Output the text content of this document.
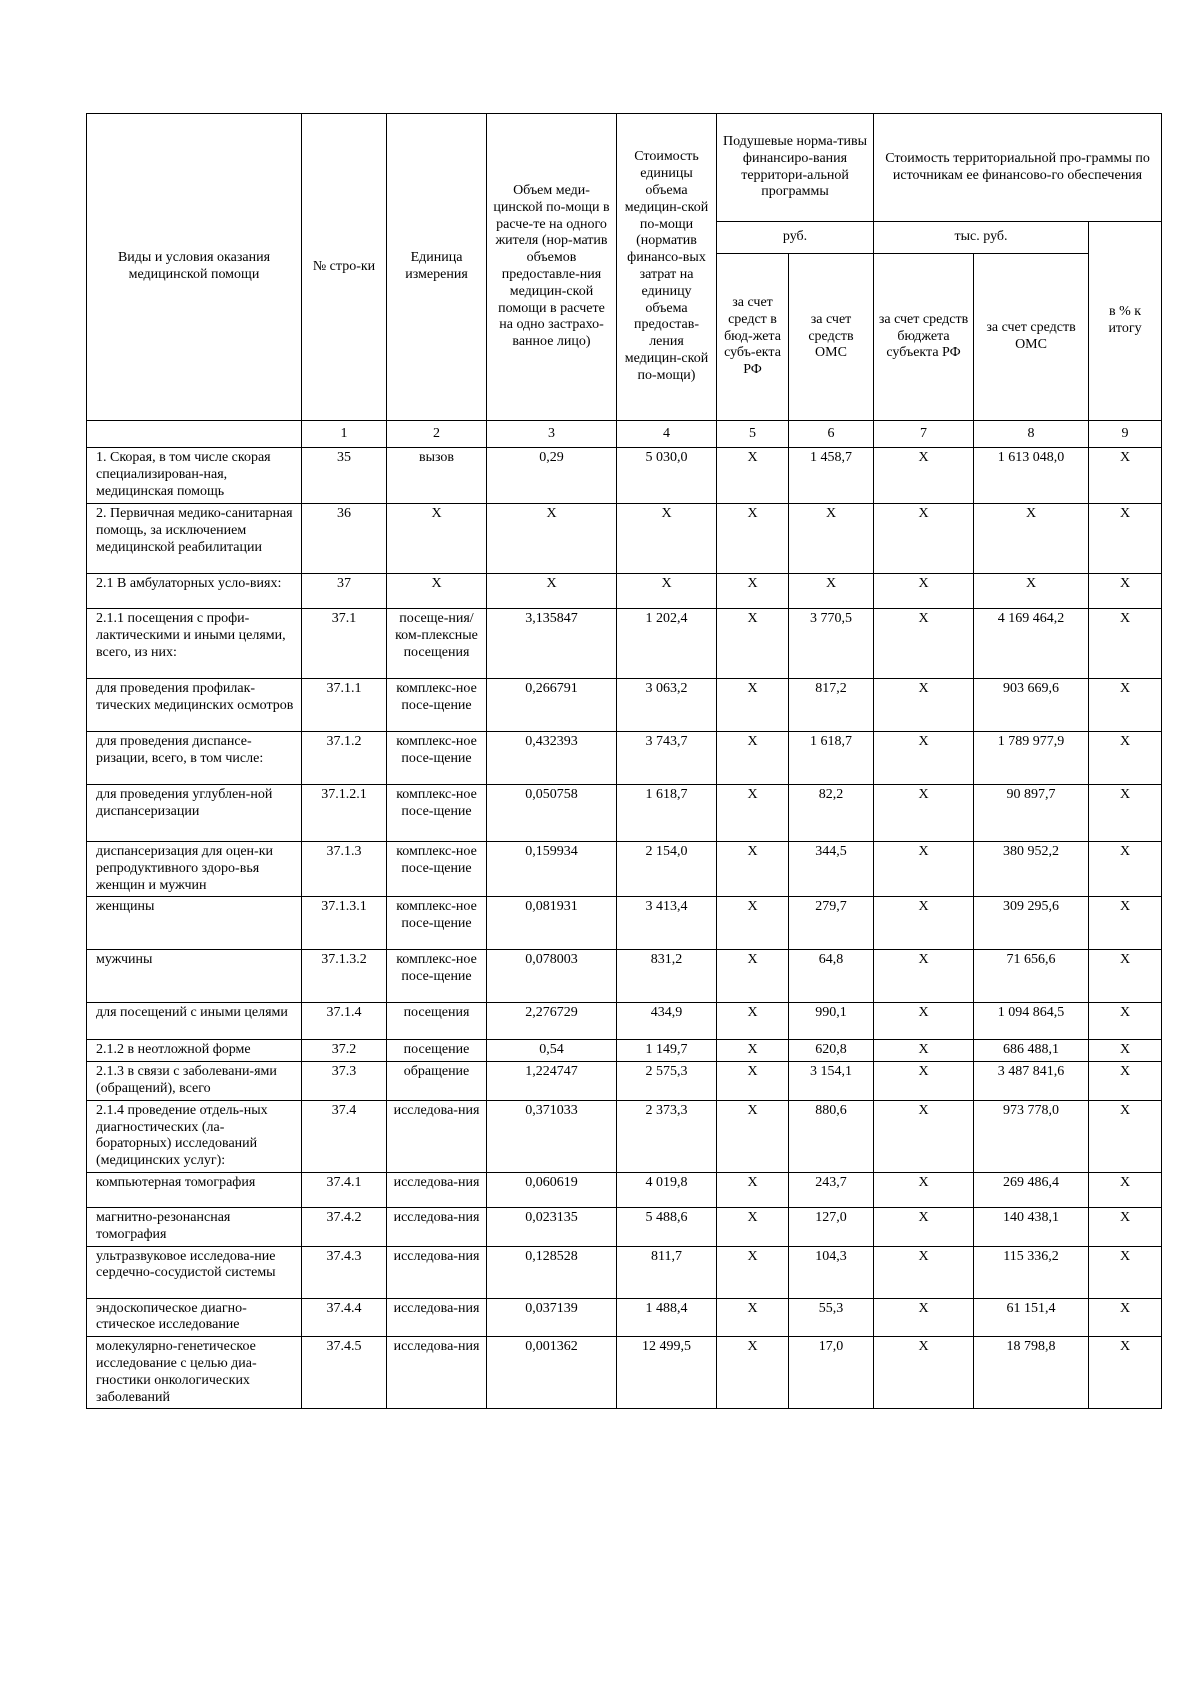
Виды и условия оказания медицинской помощи	№ стро-ки	Единица измерения	Объем меди-цинской по-мощи в расче-те на одного жителя (нор-матив объемов предоставле-ния медицин-ской помощи в расчете на одно застрахо-ванное лицо)	Стоимость единицы объема медицин-ской по-мощи (норматив финансо-вых затрат на единицу объема предостав-ления медицин-ской по-мощи)	Подушевые норма-тивы финансиро-вания территори-альной программы		Стоимость территориальной про-граммы по источникам ее финансово-го обеспечения		
					руб.		тыс. руб.		в % к итогу
					за счет средст в бюд-жета субъ-екта РФ	за счет средств ОМС	за счет средств бюджета субъекта РФ	за счет средств ОМС	
	1	2	3	4	5	6	7	8	9
1. Скорая, в том числе скорая специализирован-ная, медицинская помощь	35	вызов	0,29	5 030,0	X	1 458,7	X	1 613 048,0	X
2. Первичная медико-санитарная помощь, за исключением медицинской реабилитации	36	X	X	X	X	X	X	X	X
2.1 В амбулаторных усло-виях:	37	X	X	X	X	X	X	X	X
2.1.1 посещения с профи-лактическими и иными целями, всего, из них:	37.1	посеще-ния/ ком-плексные посещения	3,135847	1 202,4	X	3 770,5	X	4 169 464,2	X
для проведения профилак-тических медицинских осмотров	37.1.1	комплекс-ное посе-щение	0,266791	3 063,2	X	817,2	X	903 669,6	X
для проведения диспансе-ризации, всего, в том числе:	37.1.2	комплекс-ное посе-щение	0,432393	3 743,7	X	1 618,7	X	1 789 977,9	X
для проведения углублен-ной диспансеризации	37.1.2.1	комплекс-ное посе-щение	0,050758	1 618,7	X	82,2	X	90 897,7	X
диспансеризация для оцен-ки репродуктивного здоро-вья женщин и мужчин	37.1.3	комплекс-ное посе-щение	0,159934	2 154,0	X	344,5	X	380 952,2	X
женщины	37.1.3.1	комплекс-ное посе-щение	0,081931	3 413,4	X	279,7	X	309 295,6	X
мужчины	37.1.3.2	комплекс-ное посе-щение	0,078003	831,2	X	64,8	X	71 656,6	X
для посещений с иными целями	37.1.4	посещения	2,276729	434,9	X	990,1	X	1 094 864,5	X
2.1.2 в неотложной форме	37.2	посещение	0,54	1 149,7	X	620,8	X	686 488,1	X
2.1.3 в связи с заболевани-ями (обращений), всего	37.3	обращение	1,224747	2 575,3	X	3 154,1	X	3 487 841,6	X
2.1.4 проведение отдель-ных диагностических (ла-бораторных) исследований (медицинских услуг):	37.4	исследова-ния	0,371033	2 373,3	X	880,6	X	973 778,0	X
компьютерная томография	37.4.1	исследова-ния	0,060619	4 019,8	X	243,7	X	269 486,4	X
магнитно-резонансная томография	37.4.2	исследова-ния	0,023135	5 488,6	X	127,0	X	140 438,1	X
ультразвуковое исследова-ние сердечно-сосудистой системы	37.4.3	исследова-ния	0,128528	811,7	X	104,3	X	115 336,2	X
эндоскопическое диагно-стическое исследование	37.4.4	исследова-ния	0,037139	1 488,4	X	55,3	X	61 151,4	X
молекулярно-генетическое исследование с целью диа-гностики онкологических заболеваний	37.4.5	исследова-ния	0,001362	12 499,5	X	17,0	X	18 798,8	X
